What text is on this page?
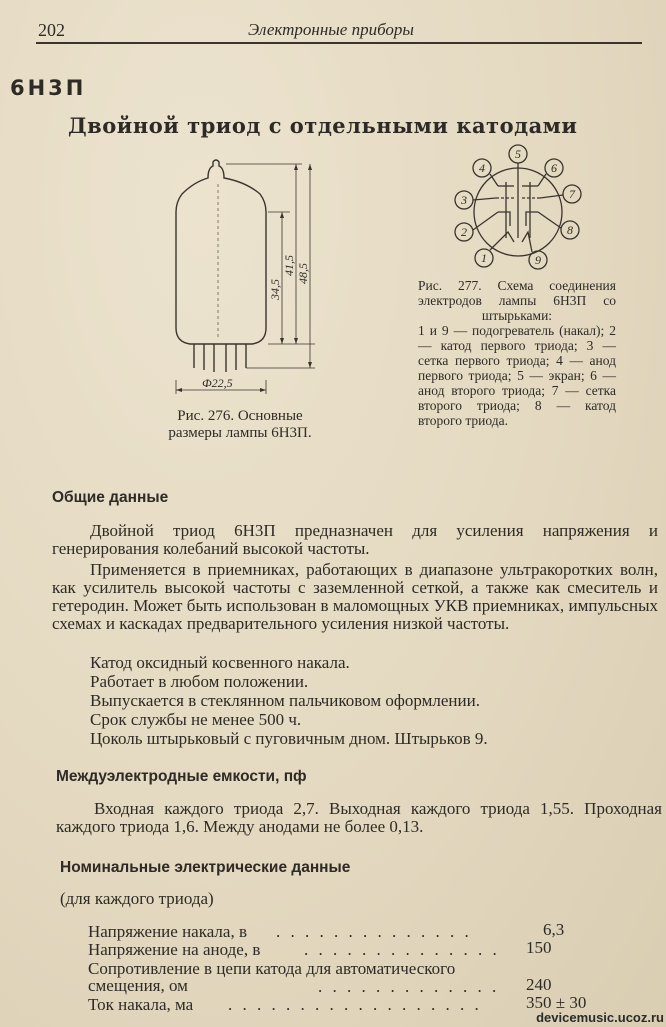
202	Электронные приборы
6Н3П
Двойной триод с отдельными катодами
Ф22,5
34,5
41,5 48,5
Рис. 276. Основные размеры лампы 6Н3П.
1
2
3
4
5
6
7
8
9
Рис. 277. Схема соединения электродов лампы 6Н3П со штырьками:
1 и 9 — подогреватель (накал); 2 — катод первого триода; 3 — сетка первого триода; 4 — анод первого триода; 5 — экран; 6 — анод второго триода; 7 — сетка второго триода; 8 — катод второго триода.
Общие данные

Двойной триод 6Н3П предназначен для усиления напряжения и генерирования колебаний высокой частоты.

Применяется в приемниках, работающих в диапазоне ультракоротких волн, как усилитель высокой частоты с заземленной сеткой, а также как смеситель и гетеродин. Может быть использован в маломощных УКВ приемниках, импульсных схемах и каскадах предварительного усиления низкой частоты.

Катод оксидный косвенного накала.
Работает в любом положении.
Выпускается в стеклянном пальчиковом оформлении.
Срок службы не менее 500 ч.
Цоколь штырьковый с пуговичным дном. Штырьков 9.
Междуэлектродные емкости, пф

Входная каждого триода 2,7. Выходная каждого триода 1,55. Проходная каждого триода 1,6. Между анодами не более 0,13.

Номинальные электрические данные
(для каждого триода)
Напряжение накала, в . . . . . . . . . . . . . .	6,3
Напряжение на аноде, в	. . . . . . . . . . . . . . 150
Сопротивление в цепи катода для автоматического смещения, ом	. . . . . . . . . . . . . 240
Ток накала, ма . . . . . . . . . . . . . . . . . .	350 ± 30
devicemusic.ucoz.ru
